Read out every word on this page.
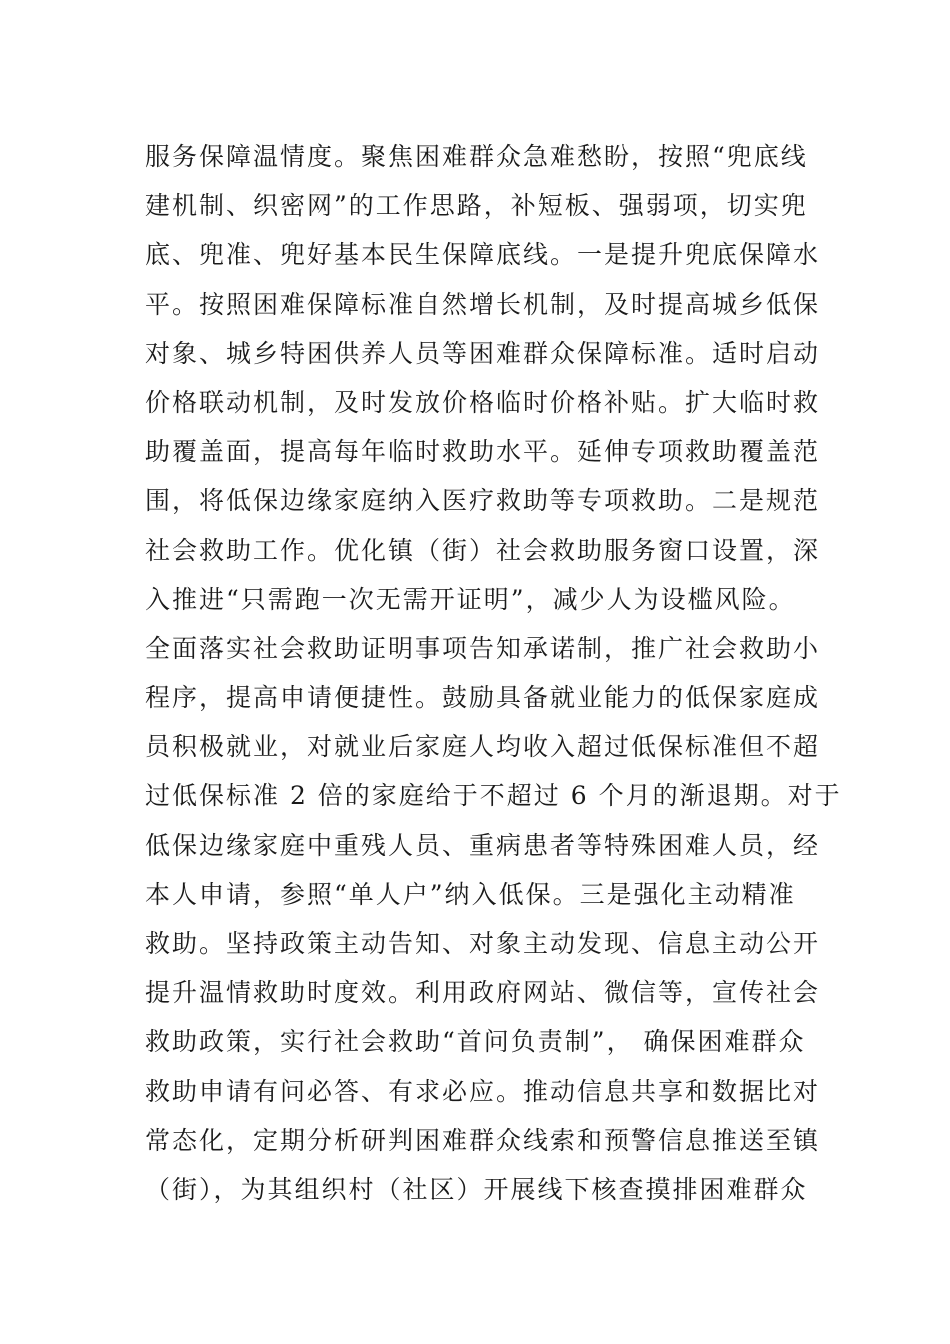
服务保障温情度。聚焦困难群众急难愁盼，按照“兜底线
建机制、织密网”的工作思路，补短板、强弱项，切实兜
底、兜准、兜好基本民生保障底线。一是提升兜底保障水
平。按照困难保障标准自然增长机制，及时提高城乡低保
对象、城乡特困供养人员等困难群众保障标准。适时启动
价格联动机制，及时发放价格临时价格补贴。扩大临时救
助覆盖面，提高每年临时救助水平。延伸专项救助覆盖范
围，将低保边缘家庭纳入医疗救助等专项救助。二是规范
社会救助工作。优化镇（街）社会救助服务窗口设置，深
入推进“只需跑一次无需开证明”，减少人为设槛风险。
全面落实社会救助证明事项告知承诺制，推广社会救助小
程序，提高申请便捷性。鼓励具备就业能力的低保家庭成
员积极就业，对就业后家庭人均收入超过低保标准但不超
过低保标准 2 倍的家庭给于不超过 6 个月的渐退期。对于
低保边缘家庭中重残人员、重病患者等特殊困难人员，经
本人申请，参照“单人户”纳入低保。三是强化主动精准
救助。坚持政策主动告知、对象主动发现、信息主动公开
提升温情救助时度效。利用政府网站、微信等，宣传社会
救助政策，实行社会救助“首问负责制”， 确保困难群众
救助申请有问必答、有求必应。推动信息共享和数据比对
常态化，定期分析研判困难群众线索和预警信息推送至镇
（街），为其组织村（社区）开展线下核查摸排困难群众
